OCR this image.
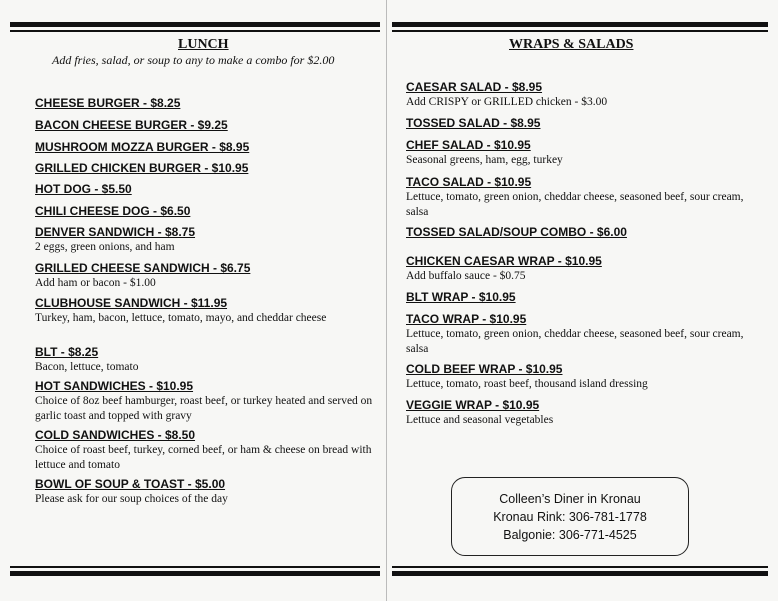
LUNCH
Add fries, salad, or soup to any to make a combo for $2.00
CHEESE BURGER - $8.25
BACON CHEESE BURGER - $9.25
MUSHROOM MOZZA BURGER - $8.95
GRILLED CHICKEN BURGER - $10.95
HOT DOG - $5.50
CHILI CHEESE DOG - $6.50
DENVER SANDWICH - $8.75
2 eggs, green onions, and ham
GRILLED CHEESE SANDWICH - $6.75
Add ham or bacon - $1.00
CLUBHOUSE SANDWICH - $11.95
Turkey, ham, bacon, lettuce, tomato, mayo, and cheddar cheese
BLT - $8.25
Bacon, lettuce, tomato
HOT SANDWICHES - $10.95
Choice of 8oz beef hamburger, roast beef, or turkey heated and served on garlic toast and topped with gravy
COLD SANDWICHES - $8.50
Choice of roast beef, turkey, corned beef, or ham & cheese on bread with lettuce and tomato
BOWL OF SOUP & TOAST - $5.00
Please ask for our soup choices of the day
WRAPS & SALADS
CAESAR SALAD - $8.95
Add CRISPY or GRILLED chicken - $3.00
TOSSED SALAD - $8.95
CHEF SALAD - $10.95
Seasonal greens, ham, egg, turkey
TACO SALAD - $10.95
Lettuce, tomato, green onion, cheddar cheese, seasoned beef, sour cream, salsa
TOSSED SALAD/SOUP COMBO - $6.00
CHICKEN CAESAR WRAP - $10.95
Add buffalo sauce - $0.75
BLT WRAP - $10.95
TACO WRAP - $10.95
Lettuce, tomato, green onion, cheddar cheese, seasoned beef, sour cream, salsa
COLD BEEF WRAP - $10.95
Lettuce, tomato, roast beef, thousand island dressing
VEGGIE WRAP - $10.95
Lettuce and seasonal vegetables
Colleen’s Diner in Kronau
Kronau Rink: 306-781-1778
Balgonie: 306-771-4525
